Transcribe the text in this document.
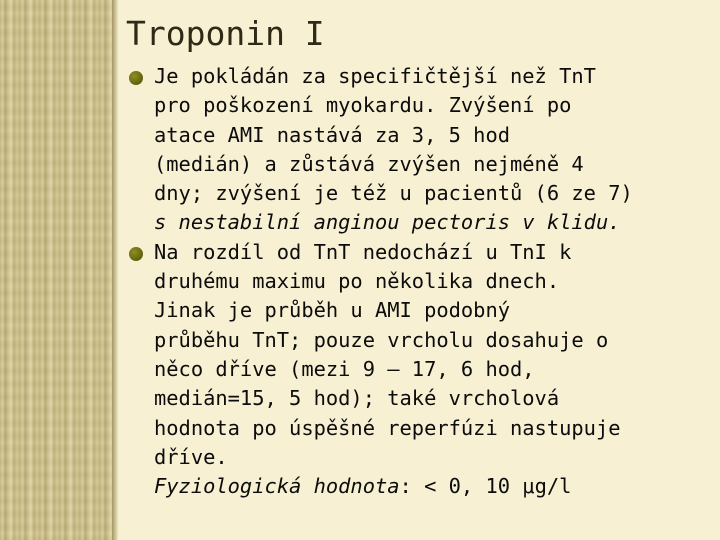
Troponin I
Je pokládán za specifičtější než TnT
pro poškození myokardu. Zvýšení po
atace AMI nastává za 3, 5 hod
(medián) a zůstává zvýšen nejméně 4
dny; zvýšení je též u pacientů (6 ze 7)
s nestabilní anginou pectoris v klidu.
Na rozdíl od TnT nedochází u TnI k
druhému maximu po několika dnech.
Jinak je průběh u AMI podobný
průběhu TnT; pouze vrcholu dosahuje o
něco dříve (mezi 9 – 17, 6 hod,
medián=15, 5 hod); také vrcholová
hodnota po úspěšné reperfúzi nastupuje
dříve.
Fyziologická hodnota: < 0, 10 μg/l
